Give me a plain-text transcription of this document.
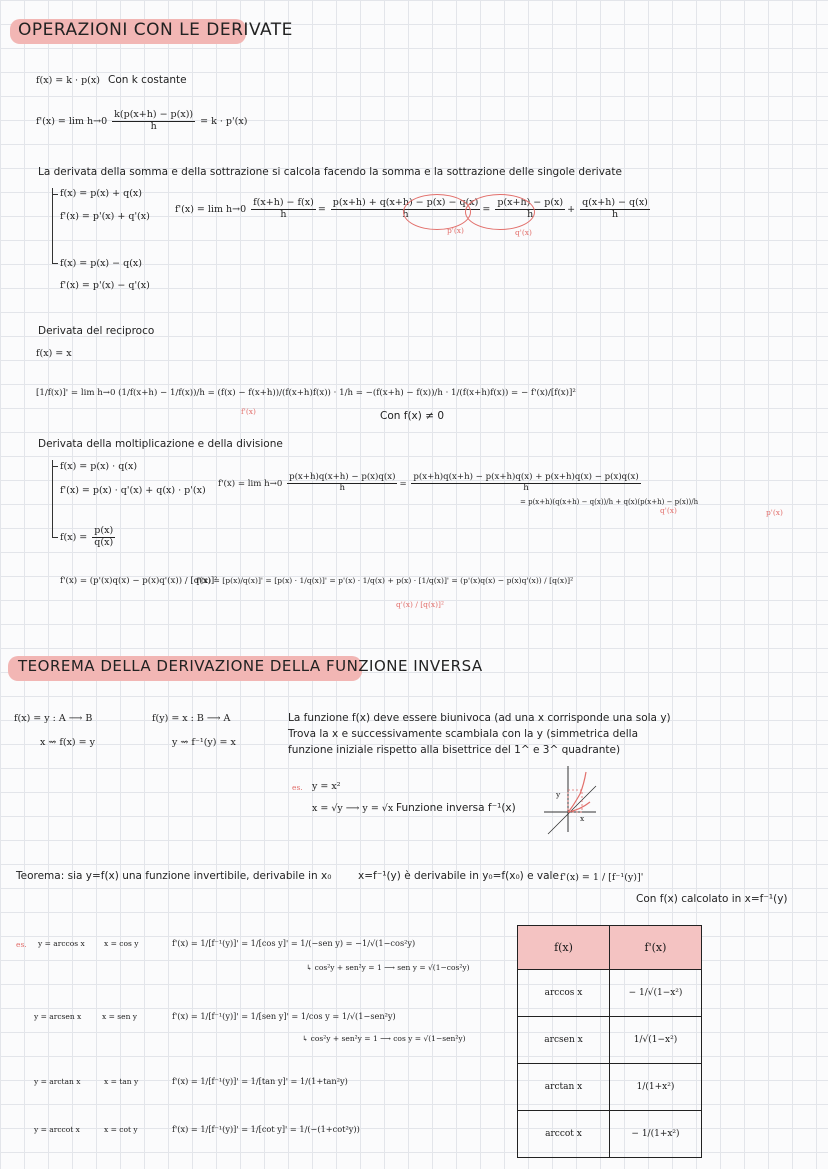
OPERAZIONI CON LE DERIVATE
f(x) = k · p(x) Con k costante
$f'(x) = \lim h\to 0 \frac{k(p(x+h) - p(x))}{h} = k \cdot p'(x)$
La derivata della somma e della sottrazione si calcola facendo la somma e la sottrazione delle singole derivate
f(x) = p(x) + q(x)
f'(x) = p'(x) + q'(x)
$f'(x) = \lim h\to 0 \frac{f(x+h) - f(x)}{h} = \frac{p(x+h) + q(x+h) - p(x) - q(x)}{h} = \frac{p(x+h) - p(x)}{h} + \frac{q(x+h) - q(x)}{h}$
p'(x)	q'(x)
f(x) = p(x) − q(x)
f'(x) = p'(x) − q'(x)
Derivata del reciproco
f(x) = x
[1/f(x)]' = lim h→0 (1/f(x+h) − 1/f(x))/h = (f(x) − f(x+h))/(f(x+h)f(x)) · 1/h = −(f(x+h) − f(x))/h · 1/(f(x+h)f(x)) = − f'(x)/[f(x)]²
Con f(x) ≠ 0
f'(x)
Derivata della moltiplicazione e della divisione
f(x) = p(x) · q(x)
f'(x) = p(x) · q'(x) + q(x) · p'(x)
$f'(x) = \lim h\to 0 \frac{p(x+h)q(x+h) - p(x)q(x)}{h} = \frac{p(x+h)q(x+h) - p(x+h)q(x) + p(x+h)q(x) - p(x)q(x)}{h}$
= p(x+h)(q(x+h) − q(x))/h + q(x)(p(x+h) − p(x))/h
q'(x)	p'(x)
$f(x) = \frac{p(x)}{q(x)}$
f'(x) = (p'(x)q(x) − p(x)q'(x)) / [q(x)]²
f'(x) = [p(x)/q(x)]' = [p(x) · 1/q(x)]' = p'(x) · 1/q(x) + p(x) · [1/q(x)]' = (p'(x)q(x) − p(x)q'(x)) / [q(x)]²
q'(x) / [q(x)]²
TEOREMA DELLA DERIVAZIONE DELLA FUNZIONE INVERSA
f(x) = y : A ⟶ B
x ⇝ f(x) = y
f(y) = x : B ⟶ A
y ⇝ f⁻¹(y) = x
La funzione f(x) deve essere biunivoca (ad una x corrisponde una sola y)
Trova la x e successivamente scambiala con la y (simmetrica della
funzione iniziale rispetto alla bisettrice del 1^ e 3^ quadrante)
es. y = x²
x = √y ⟶ y = √x Funzione inversa f⁻¹(x)
y
x
Teorema: sia y=f(x) una funzione invertibile, derivabile in x₀	x=f⁻¹(y) è derivabile in y₀=f(x₀) e vale f'(x) = 1 / [f⁻¹(y)]'
Con f(x) calcolato in x=f⁻¹(y)
es. y = arccos x	x = cos y	f'(x) = 1/[f⁻¹(y)]' = 1/[cos y]' = 1/(−sen y) = −1/√(1−cos²y)
↳ cos²y + sen²y = 1 ⟶ sen y = √(1−cos²y)
y = arcsen x	x = sen y	f'(x) = 1/[f⁻¹(y)]' = 1/[sen y]' = 1/cos y = 1/√(1−sen²y)
↳ cos²y + sen²y = 1 ⟶ cos y = √(1−sen²y)
y = arctan x	x = tan y	f'(x) = 1/[f⁻¹(y)]' = 1/[tan y]' = 1/(1+tan²y)
y = arccot x	x = cot y	f'(x) = 1/[f⁻¹(y)]' = 1/[cot y]' = 1/(−(1+cot²y))
f(x)	f'(x)
arccos x	− 1/√(1−x²)
arcsen x	1/√(1−x²)
arctan x	1/(1+x²)
arccot x	− 1/(1+x²)
